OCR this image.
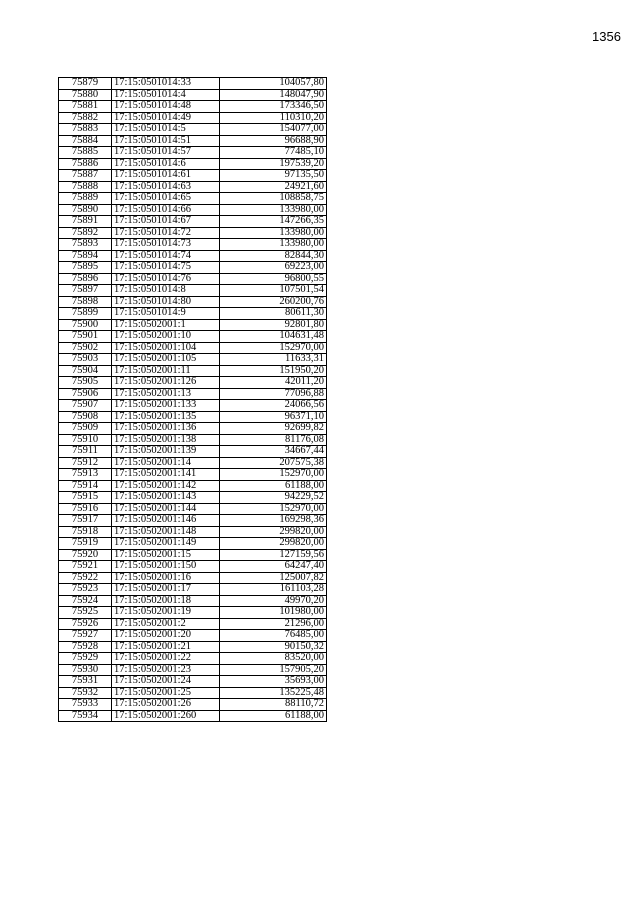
1356
75879	17:15:0501014:33	104057,80
75880	17:15:0501014:4	148047,90
75881	17:15:0501014:48	173346,50
75882	17:15:0501014:49	110310,20
75883	17:15:0501014:5	154077,00
75884	17:15:0501014:51	96688,90
75885	17:15:0501014:57	77485,10
75886	17:15:0501014:6	197539,20
75887	17:15:0501014:61	97135,50
75888	17:15:0501014:63	24921,60
75889	17:15:0501014:65	108858,75
75890	17:15:0501014:66	133980,00
75891	17:15:0501014:67	147266,35
75892	17:15:0501014:72	133980,00
75893	17:15:0501014:73	133980,00
75894	17:15:0501014:74	82844,30
75895	17:15:0501014:75	69223,00
75896	17:15:0501014:76	96800,55
75897	17:15:0501014:8	107501,54
75898	17:15:0501014:80	260200,76
75899	17:15:0501014:9	80611,30
75900	17:15:0502001:1	92801,80
75901	17:15:0502001:10	104631,48
75902	17:15:0502001:104	152970,00
75903	17:15:0502001:105	11633,31
75904	17:15:0502001:11	151950,20
75905	17:15:0502001:126	42011,20
75906	17:15:0502001:13	77096,88
75907	17:15:0502001:133	24066,56
75908	17:15:0502001:135	96371,10
75909	17:15:0502001:136	92699,82
75910	17:15:0502001:138	81176,08
75911	17:15:0502001:139	34667,44
75912	17:15:0502001:14	207575,38
75913	17:15:0502001:141	152970,00
75914	17:15:0502001:142	61188,00
75915	17:15:0502001:143	94229,52
75916	17:15:0502001:144	152970,00
75917	17:15:0502001:146	169298,36
75918	17:15:0502001:148	299820,00
75919	17:15:0502001:149	299820,00
75920	17:15:0502001:15	127159,56
75921	17:15:0502001:150	64247,40
75922	17:15:0502001:16	125007,82
75923	17:15:0502001:17	161103,28
75924	17:15:0502001:18	49970,20
75925	17:15:0502001:19	101980,00
75926	17:15:0502001:2	21296,00
75927	17:15:0502001:20	76485,00
75928	17:15:0502001:21	90150,32
75929	17:15:0502001:22	83520,00
75930	17:15:0502001:23	157905,20
75931	17:15:0502001:24	35693,00
75932	17:15:0502001:25	135225,48
75933	17:15:0502001:26	88110,72
75934	17:15:0502001:260	61188,00
